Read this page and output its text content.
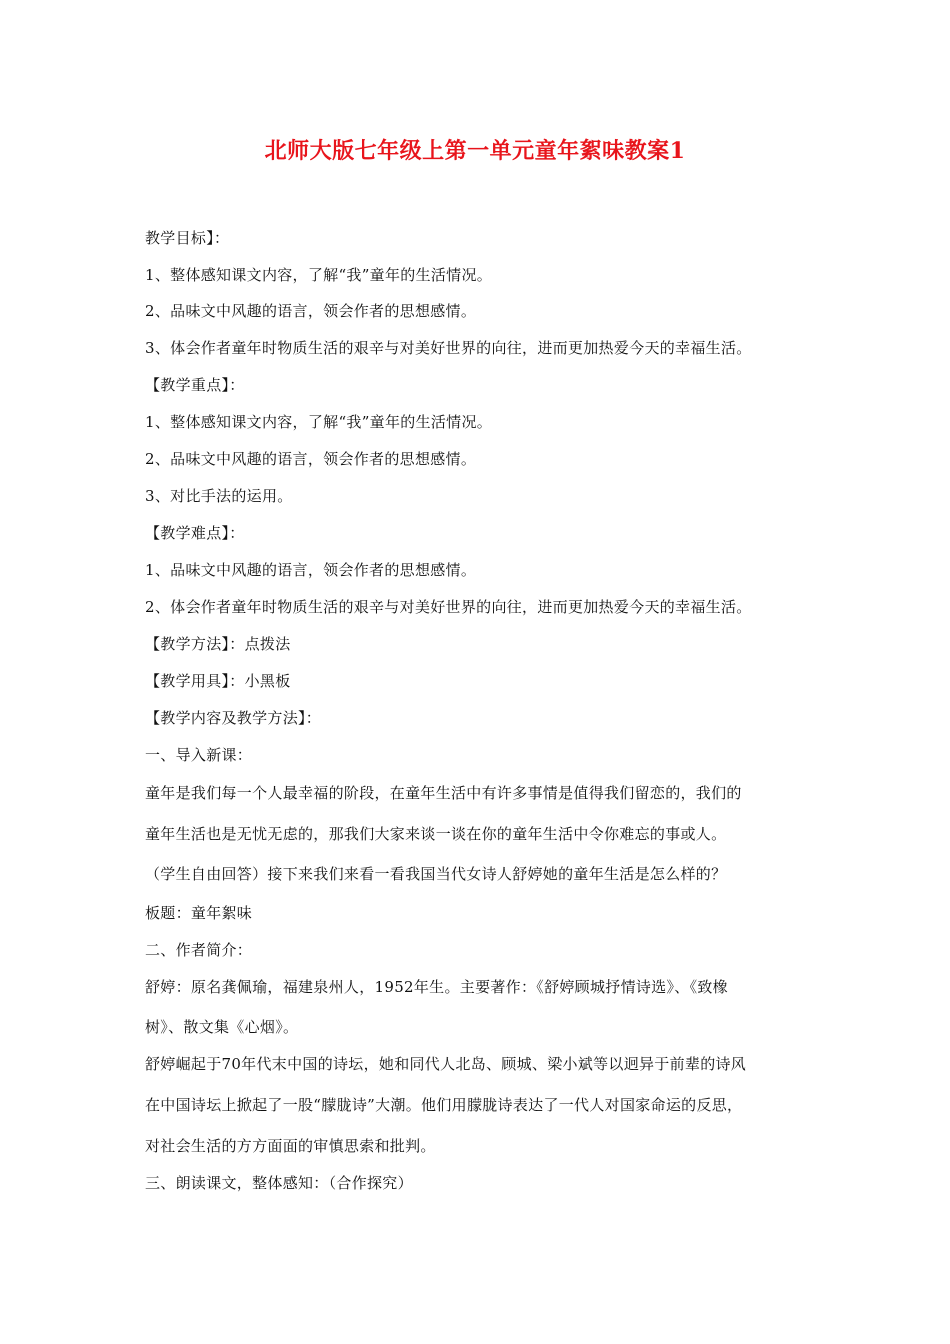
北师大版七年级上第一单元童年絮味教案1
教学目标】：
1、整体感知课文内容，了解“我”童年的生活情况。
2、品味文中风趣的语言，领会作者的思想感情。
3、体会作者童年时物质生活的艰辛与对美好世界的向往，进而更加热爱今天的幸福生活。
【教学重点】：
1、整体感知课文内容，了解“我”童年的生活情况。
2、品味文中风趣的语言，领会作者的思想感情。
3、对比手法的运用。
【教学难点】：
1、品味文中风趣的语言，领会作者的思想感情。
2、体会作者童年时物质生活的艰辛与对美好世界的向往，进而更加热爱今天的幸福生活。
【教学方法】：点拨法
【教学用具】：小黑板
【教学内容及教学方法】：
一、导入新课：
童年是我们每一个人最幸福的阶段，在童年生活中有许多事情是值得我们留恋的，我们的
童年生活也是无忧无虑的，那我们大家来谈一谈在你的童年生活中令你难忘的事或人。
（学生自由回答）接下来我们来看一看我国当代女诗人舒婷她的童年生活是怎么样的？
板题：童年絮味
二、作者简介：
舒婷：原名龚佩瑜，福建泉州人，1952年生。主要著作：《舒婷顾城抒情诗选》、《致橡
树》、散文集《心烟》。
舒婷崛起于70年代末中国的诗坛，她和同代人北岛、顾城、梁小斌等以迥异于前辈的诗风
在中国诗坛上掀起了一股“朦胧诗”大潮。他们用朦胧诗表达了一代人对国家命运的反思，
对社会生活的方方面面的审慎思索和批判。
三、朗读课文，整体感知：（合作探究）
